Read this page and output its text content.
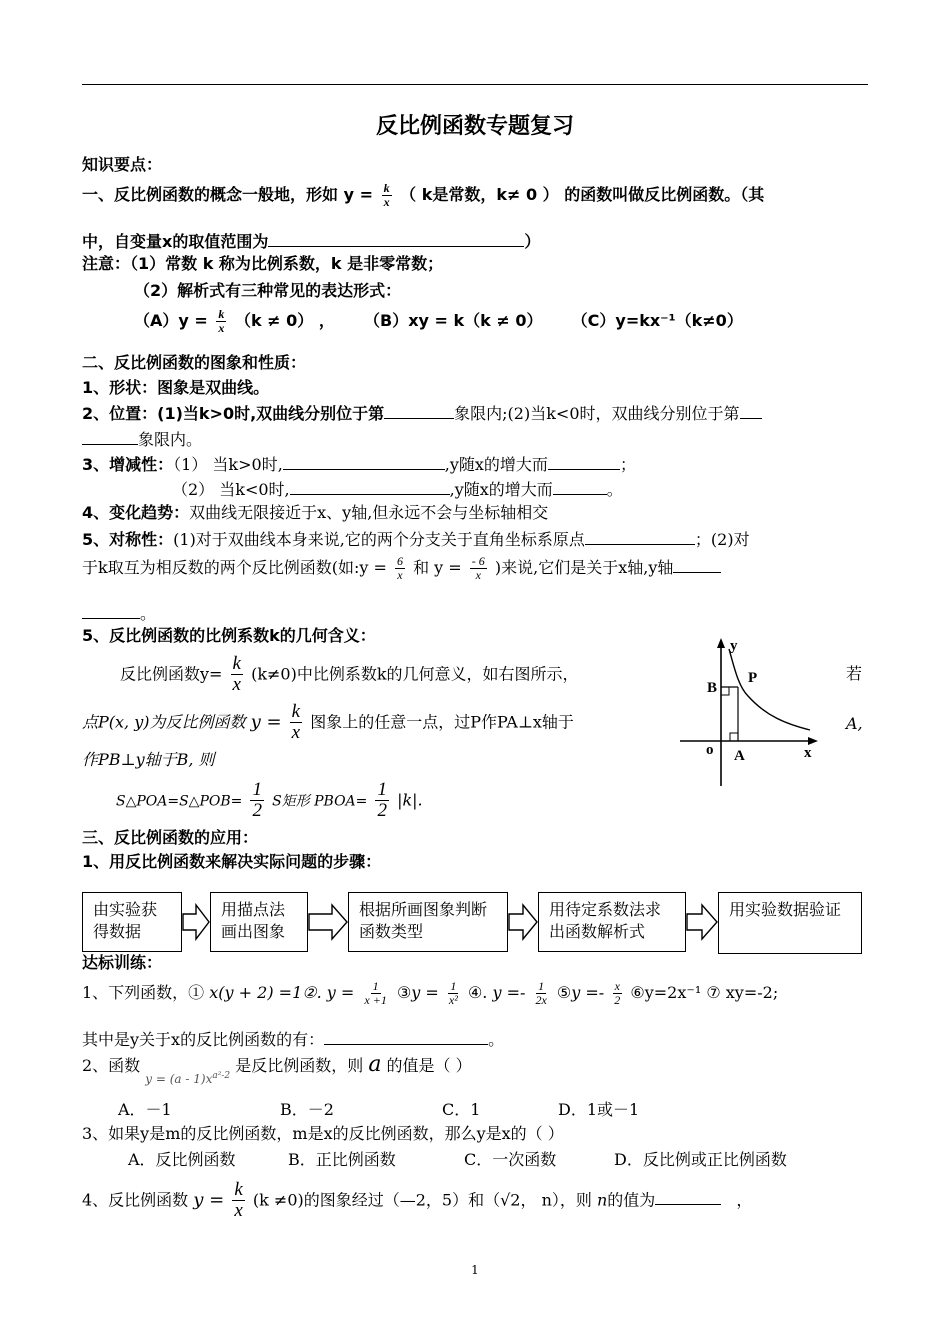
反比例函数专题复习
知识要点：
一、反比例函数的概念一般地，形如 $y = \frac{k}{x}$ （ k是常数，k≠ 0 ） 的函数叫做反比例函数。（其
中，自变量x的取值范围为	）
注意：（1）常数 k 称为比例系数，k 是非零常数；
（2）解析式有三种常见的表达形式：
$(A)y = \frac{k}{x} (k \ne 0)$ ， （B）xy = k（k ≠ 0） （C）y=kx⁻¹（k≠0）
二、反比例函数的图象和性质：
1、形状：图象是双曲线。
2、位置：(1)当k>0时,双曲线分别位于第	象限内;(2)当k<0时，双曲线分别位于第
象限内。
3、增减性：（1） 当k>0时,	,y随x的增大而	；
（2） 当k<0时,	,y随x的增大而	。
4、变化趋势：双曲线无限接近于x、y轴,但永远不会与坐标轴相交
5、对称性：(1)对于双曲线本身来说,它的两个分支关于直角坐标系原点	；(2)对
于k取互为相反数的两个反比例函数(如:y = $\frac{6}{x}$ 和 $y = \frac{- 6}{x}$ )来说,它们是关于x轴,y轴
。
5、反比例函数的比例系数k的几何含义：
反比例函数$y= \frac{k}{x} (k\ne 0)$中比例系数k的几何意义，如右图所示，	若
点P(x, y)为反比例函数 $y = \frac{k}{x}$ 图象上的任意一点，过P作PA⊥x轴于	A,
作PB⊥y轴于B, 则
S△POA=S△POB= $\frac{1}{2}$ S矩形 PBOA= $\frac{1}{2} |k|$.
y
B
P
o A	x
三、反比例函数的应用：
1、用反比例函数来解决实际问题的步骤：
由实验获得数据
用描点法画出图象
根据所画图象判断函数类型
用待定系数法求出函数解析式
用实验数据验证
达标训练：
1、下列函数，① x(y + 2) =1②. $y = \frac{1}{x +1}$ ③y = $\frac{1}{\text{x²}}$ ④. $y =- \frac{1}{2x}$ ⑤y =- $\frac{x}{2}$ ⑥y=2x⁻¹ ⑦ xy=-2;
其中是y关于x的反比例函数的有：	。
2、函数 $_{y = (a - 1)x^{a^2-2}}$ 是反比例函数，则 a 的值是（ ）
A．－1	B．－2	C．1	D．1或－1
3、如果y是m的反比例函数，m是x的反比例函数，那么y是x的（ ）
A．反比例函数	B．正比例函数	C．一次函数	D．反比例或正比例函数
4、反比例函数 $y = \frac{k}{x} (k \ne 0)$的图象经过（—2，5）和（√2， n），则 n的值为	，
1
